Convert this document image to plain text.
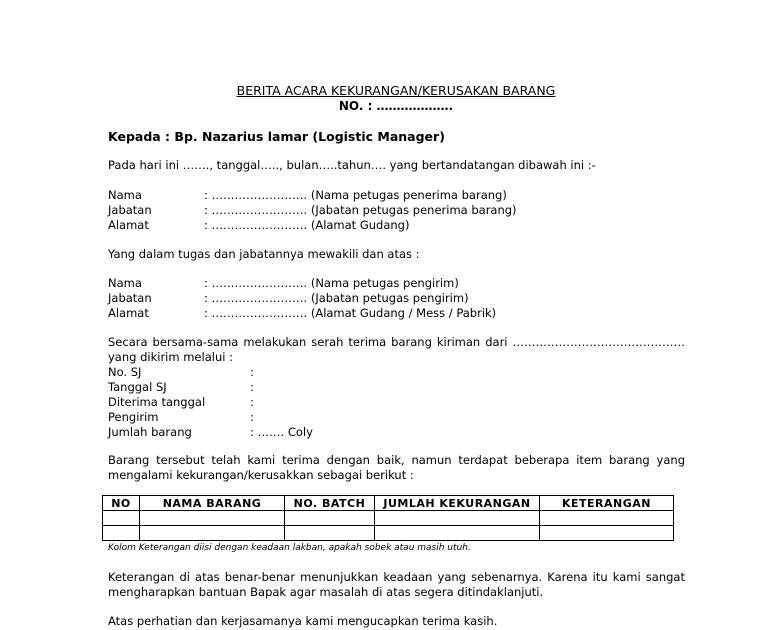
BERITA ACARA KEKURANGAN/KERUSAKAN BARANG
NO. : ……………….
Kepada : Bp. Nazarius lamar (Logistic Manager)
Pada hari ini ……., tanggal….., bulan…..tahun…. yang bertandatangan dibawah ini :-
Nama	: ……………………. (Nama petugas penerima barang)
Jabatan	: ……………………. (Jabatan petugas penerima barang)
Alamat	: ……………………. (Alamat Gudang)
Yang dalam tugas dan jabatannya mewakili dan atas :
Nama	: ……………………. (Nama petugas pengirim)
Jabatan	: ……………………. (Jabatan petugas pengirim)
Alamat	: ……………………. (Alamat Gudang / Mess / Pabrik)
Secara bersama-sama melakukan serah terima barang kiriman dari ………………………………………
yang dikirim melalui :
No. SJ	:
Tanggal SJ	:
Diterima tanggal	:
Pengirim	:
Jumlah barang	: ……. Coly
Barang tersebut telah kami terima dengan baik, namun terdapat beberapa item barang yang
mengalami kekurangan/kerusakkan sebagai berikut :
NO	NAMA BARANG	NO. BATCH	JUMLAH KEKURANGAN	KETERANGAN

Kolom Keterangan diisi dengan keadaan lakban, apakah sobek atau masih utuh.
Keterangan di atas benar-benar menunjukkan keadaan yang sebenarnya. Karena itu kami sangat
mengharapkan bantuan Bapak agar masalah di atas segera ditindaklanjuti.
Atas perhatian dan kerjasamanya kami mengucapkan terima kasih.
